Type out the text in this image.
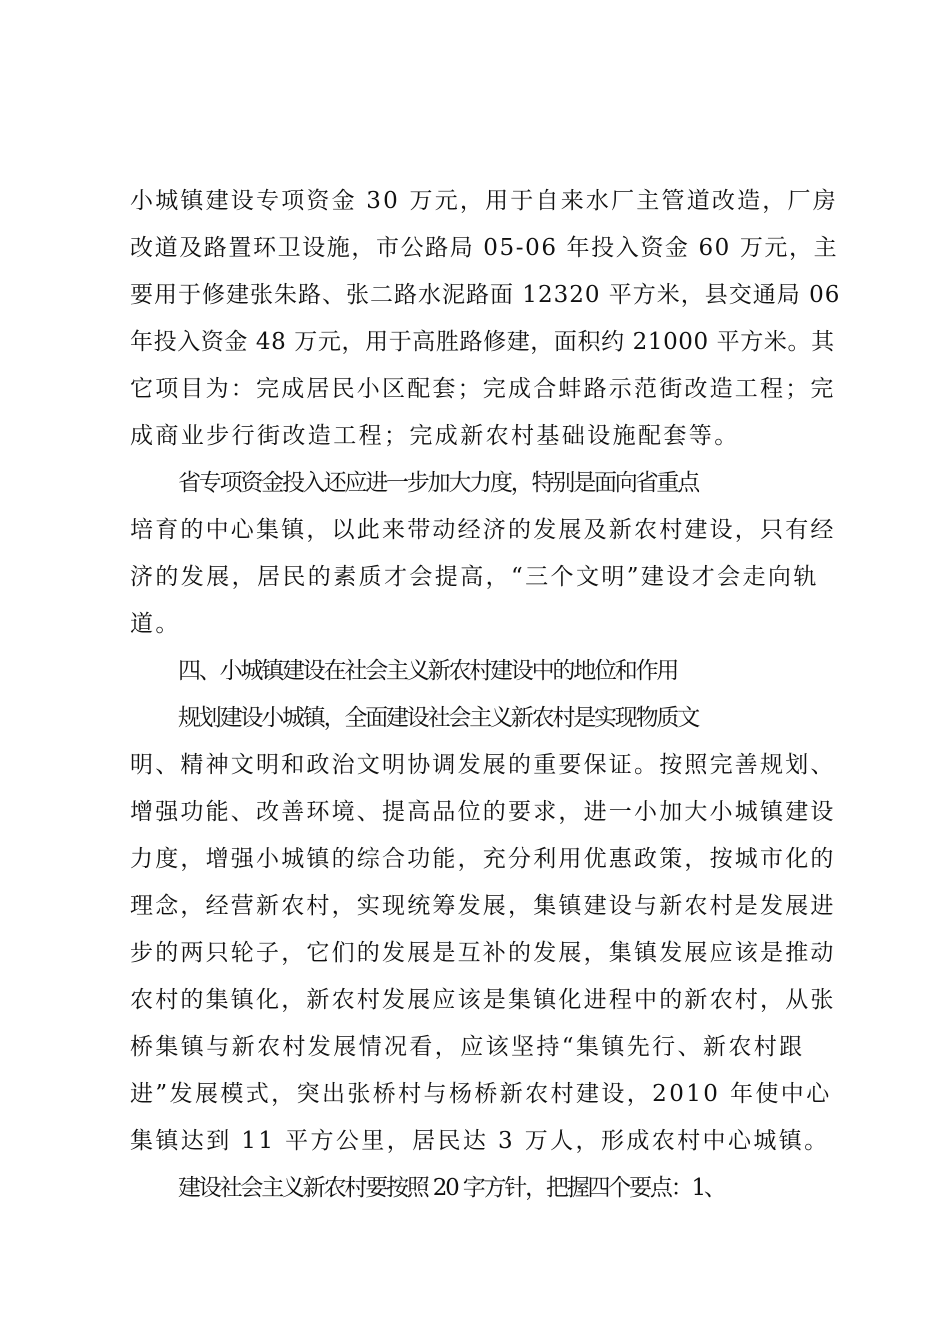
小城镇建设专项资金 30 万元，用于自来水厂主管道改造，厂房
改道及路置环卫设施，市公路局 05-06 年投入资金 60 万元，主
要用于修建张朱路、张二路水泥路面 12320 平方米，县交通局 06
年投入资金 48 万元，用于高胜路修建，面积约 21000 平方米。其
它项目为：完成居民小区配套；完成合蚌路示范街改造工程；完
成商业步行街改造工程；完成新农村基础设施配套等。
省专项资金投入还应进一步加大力度，特别是面向省重点
培育的中心集镇，以此来带动经济的发展及新农村建设，只有经
济的发展，居民的素质才会提高，“三个文明”建设才会走向轨
道。
四、小城镇建设在社会主义新农村建设中的地位和作用
规划建设小城镇，全面建设社会主义新农村是实现物质文
明、精神文明和政治文明协调发展的重要保证。按照完善规划、
增强功能、改善环境、提高品位的要求，进一小加大小城镇建设
力度，增强小城镇的综合功能，充分利用优惠政策，按城市化的
理念，经营新农村，实现统筹发展，集镇建设与新农村是发展进
步的两只轮子，它们的发展是互补的发展，集镇发展应该是推动
农村的集镇化，新农村发展应该是集镇化进程中的新农村，从张
桥集镇与新农村发展情况看，应该坚持“集镇先行、新农村跟
进”发展模式，突出张桥村与杨桥新农村建设，2010 年使中心
集镇达到 11 平方公里，居民达 3 万人，形成农村中心城镇。
建设社会主义新农村要按照 20 字方针，把握四个要点：1、
